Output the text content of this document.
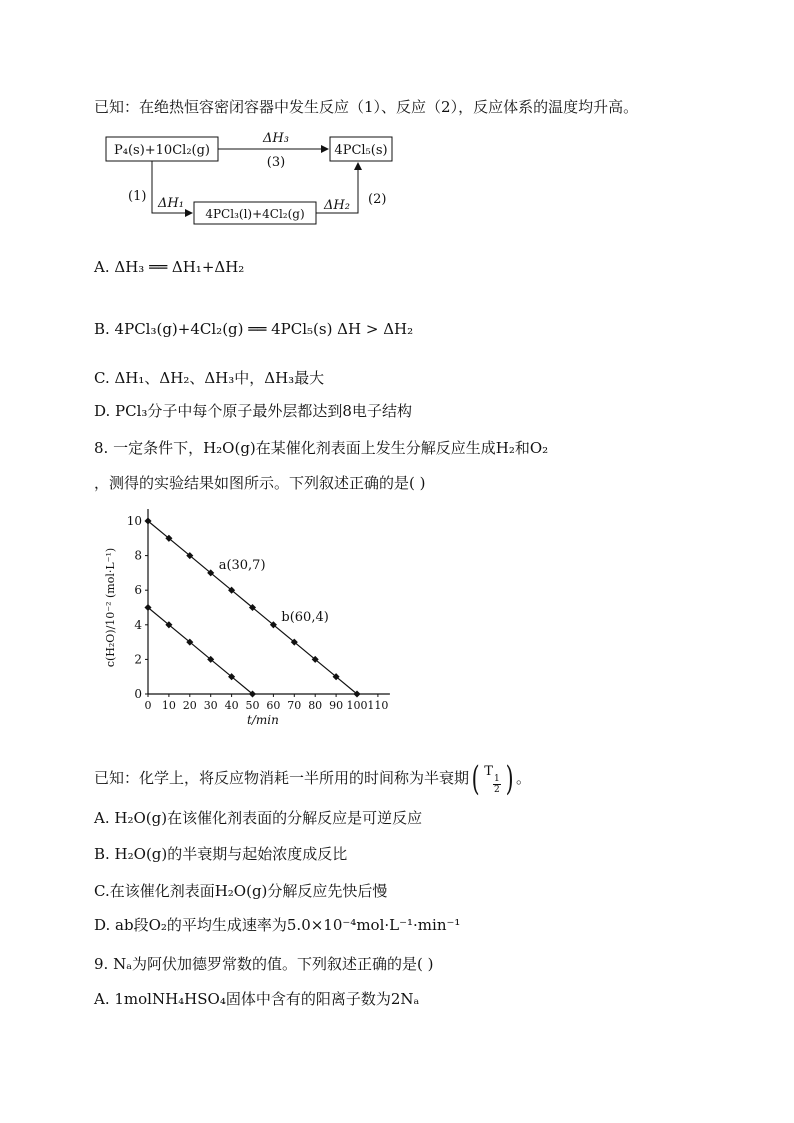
已知：在绝热恒容密闭容器中发生反应（1）、反应（2），反应体系的温度均升高。
P₄(s)+10Cl₂(g)	4PCl₅(s)
4PCl₃(l)+4Cl₂(g)
ΔH₃
(3)
(1) ΔH₁	ΔH₂ (2)
A. ΔH₃ ══ ΔH₁+ΔH₂
B. 4PCl₃(g)+4Cl₂(g) ══ 4PCl₅(s) ΔH > ΔH₂
C. ΔH₁、ΔH₂、ΔH₃中，ΔH₃最大
D. PCl₃分子中每个原子最外层都达到8电子结构
8. 一定条件下，H₂O(g)在某催化剂表面上发生分解反应生成H₂和O₂
，测得的实验结果如图所示。下列叙述正确的是( )
0 10 20 30 40 50 60 70 80 90 100 110
0
2
4
6
8
10
t/min
c(H₂O)/10⁻² (mol·L⁻¹)	a(30,7)
b(60,4)
已知：化学上，将反应物消耗一半所用的时间称为半衰期 ( T
$\frac{1}{2}$ ) 。
A. H₂O(g)在该催化剂表面的分解反应是可逆反应
B. H₂O(g)的半衰期与起始浓度成反比
C.在该催化剂表面H₂O(g)分解反应先快后慢
D. ab段O₂的平均生成速率为5.0×10⁻⁴mol·L⁻¹·min⁻¹
9. Nₐ为阿伏加德罗常数的值。下列叙述正确的是( )
A. 1molNH₄HSO₄固体中含有的阳离子数为2Nₐ
